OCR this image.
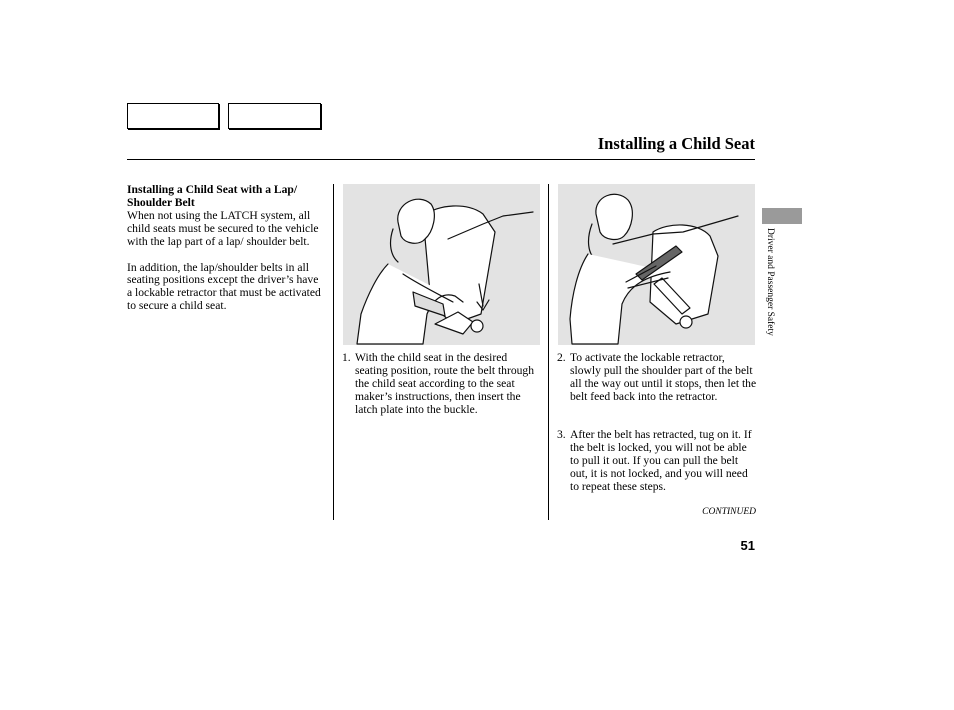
Installing a Child Seat
Installing a Child Seat with a Lap/ Shoulder Belt

When not using the LATCH system, all child seats must be secured to the vehicle with the lap part of a lap/ shoulder belt.

In addition, the lap/shoulder belts in all seating positions except the driver’s have a lockable retractor that must be activated to secure a child seat.

1. With the child seat in the desired seating position, route the belt through the child seat according to the seat maker’s instructions, then insert the latch plate into the buckle.
2. To activate the lockable retractor, slowly pull the shoulder part of the belt all the way out until it stops, then let the belt feed back into the retractor.
3. After the belt has retracted, tug on it. If the belt is locked, you will not be able to pull it out. If you can pull the belt out, it is not locked, and you will need to repeat these steps.
CONTINUED
51
Driver and Passenger Safety
